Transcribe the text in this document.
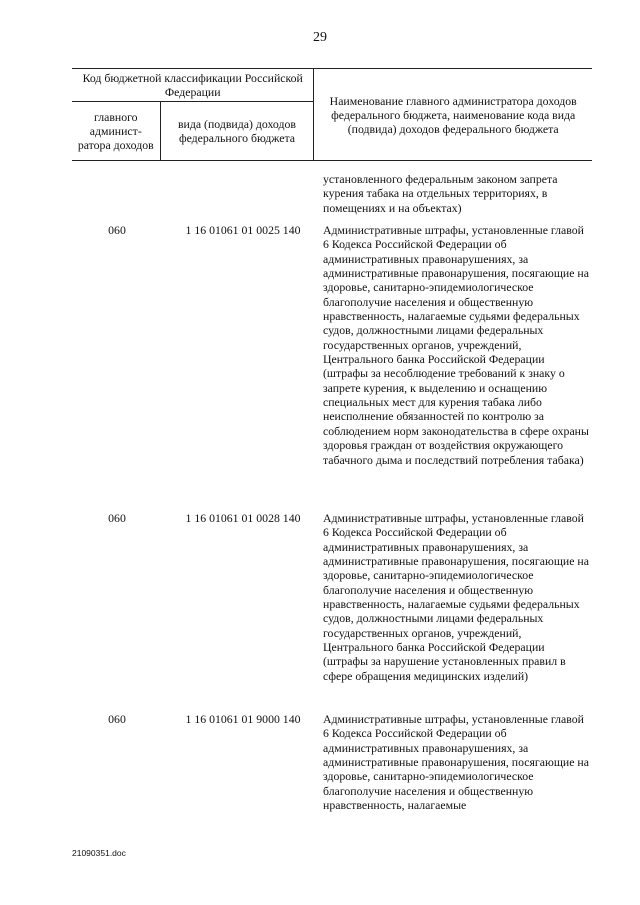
29
Код бюджетной классификации Российской Федерации		Наименование главного администратора доходов федерального бюджета, наименование кода вида (подвида) доходов федерального бюджета
главного админист-ратора доходов	вида (подвида) доходов федерального бюджета	
установленного федеральным законом запрета курения табака на отдельных территориях, в помещениях и на объектах)
060	1 16 01061 01 0025 140	Административные штрафы, установленные главой 6 Кодекса Российской Федерации об административных правонарушениях, за административные правонарушения, посягающие на здоровье, санитарно-эпидемиологическое благополучие населения и общественную нравственность, налагаемые судьями федеральных судов, должностными лицами федеральных государственных органов, учреждений, Центрального банка Российской Федерации (штрафы за несоблюдение требований к знаку о запрете курения, к выделению и оснащению специальных мест для курения табака либо неисполнение обязанностей по контролю за соблюдением норм законодательства в сфере охраны здоровья граждан от воздействия окружающего табачного дыма и последствий потребления табака)
060	1 16 01061 01 0028 140	Административные штрафы, установленные главой 6 Кодекса Российской Федерации об административных правонарушениях, за административные правонарушения, посягающие на здоровье, санитарно-эпидемиологическое благополучие населения и общественную нравственность, налагаемые судьями федеральных судов, должностными лицами федеральных государственных органов, учреждений, Центрального банка Российской Федерации (штрафы за нарушение установленных правил в сфере обращения медицинских изделий)
060	1 16 01061 01 9000 140	Административные штрафы, установленные главой 6 Кодекса Российской Федерации об административных правонарушениях, за административные правонарушения, посягающие на здоровье, санитарно-эпидемиологическое благополучие населения и общественную нравственность, налагаемые
21090351.doc
